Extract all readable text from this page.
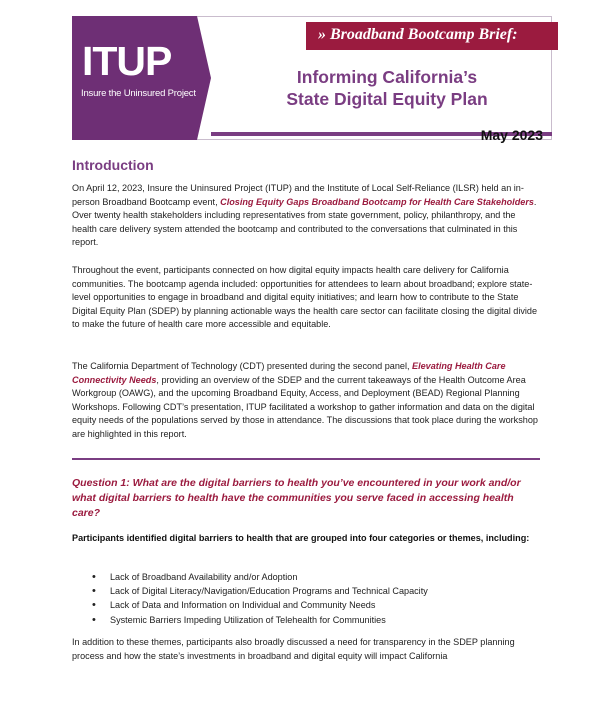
ITUP
Insure the Uninsured Project
» Broadband Bootcamp Brief:
Informing California’s
State Digital Equity Plan
May 2023
Introduction

On April 12, 2023, Insure the Uninsured Project (ITUP) and the Institute of Local Self-Reliance (ILSR) held an in-person Broadband Bootcamp event, Closing Equity Gaps Broadband Bootcamp for Health Care Stakeholders. Over twenty health stakeholders including representatives from state government, policy, philanthropy, and the health care delivery system attended the bootcamp and contributed to the conversations that culminated in this report.

Throughout the event, participants connected on how digital equity impacts health care delivery for California communities. The bootcamp agenda included: opportunities for attendees to learn about broadband; explore state-level opportunities to engage in broadband and digital equity initiatives; and learn how to contribute to the State Digital Equity Plan (SDEP) by planning actionable ways the health care sector can facilitate closing the digital divide to make the future of health care more accessible and equitable.

The California Department of Technology (CDT) presented during the second panel, Elevating Health Care Connectivity Needs, providing an overview of the SDEP and the current takeaways of the Health Outcome Area Workgroup (OAWG), and the upcoming Broadband Equity, Access, and Deployment (BEAD) Regional Planning Workshops. Following CDT’s presentation, ITUP facilitated a workshop to gather information and data on the digital equity needs of the populations served by those in attendance. The discussions that took place during the workshop are highlighted in this report.

Question 1: What are the digital barriers to health you’ve encountered in your work and/or what digital barriers to health have the communities you serve faced in accessing health care?
Participants identified digital barriers to health that are grouped into four categories or themes, including:
• Lack of Broadband Availability and/or Adoption
• Lack of Digital Literacy/Navigation/Education Programs and Technical Capacity
• Lack of Data and Information on Individual and Community Needs
• Systemic Barriers Impeding Utilization of Telehealth for Communities

In addition to these themes, participants also broadly discussed a need for transparency in the SDEP planning process and how the state’s investments in broadband and digital equity will impact California
